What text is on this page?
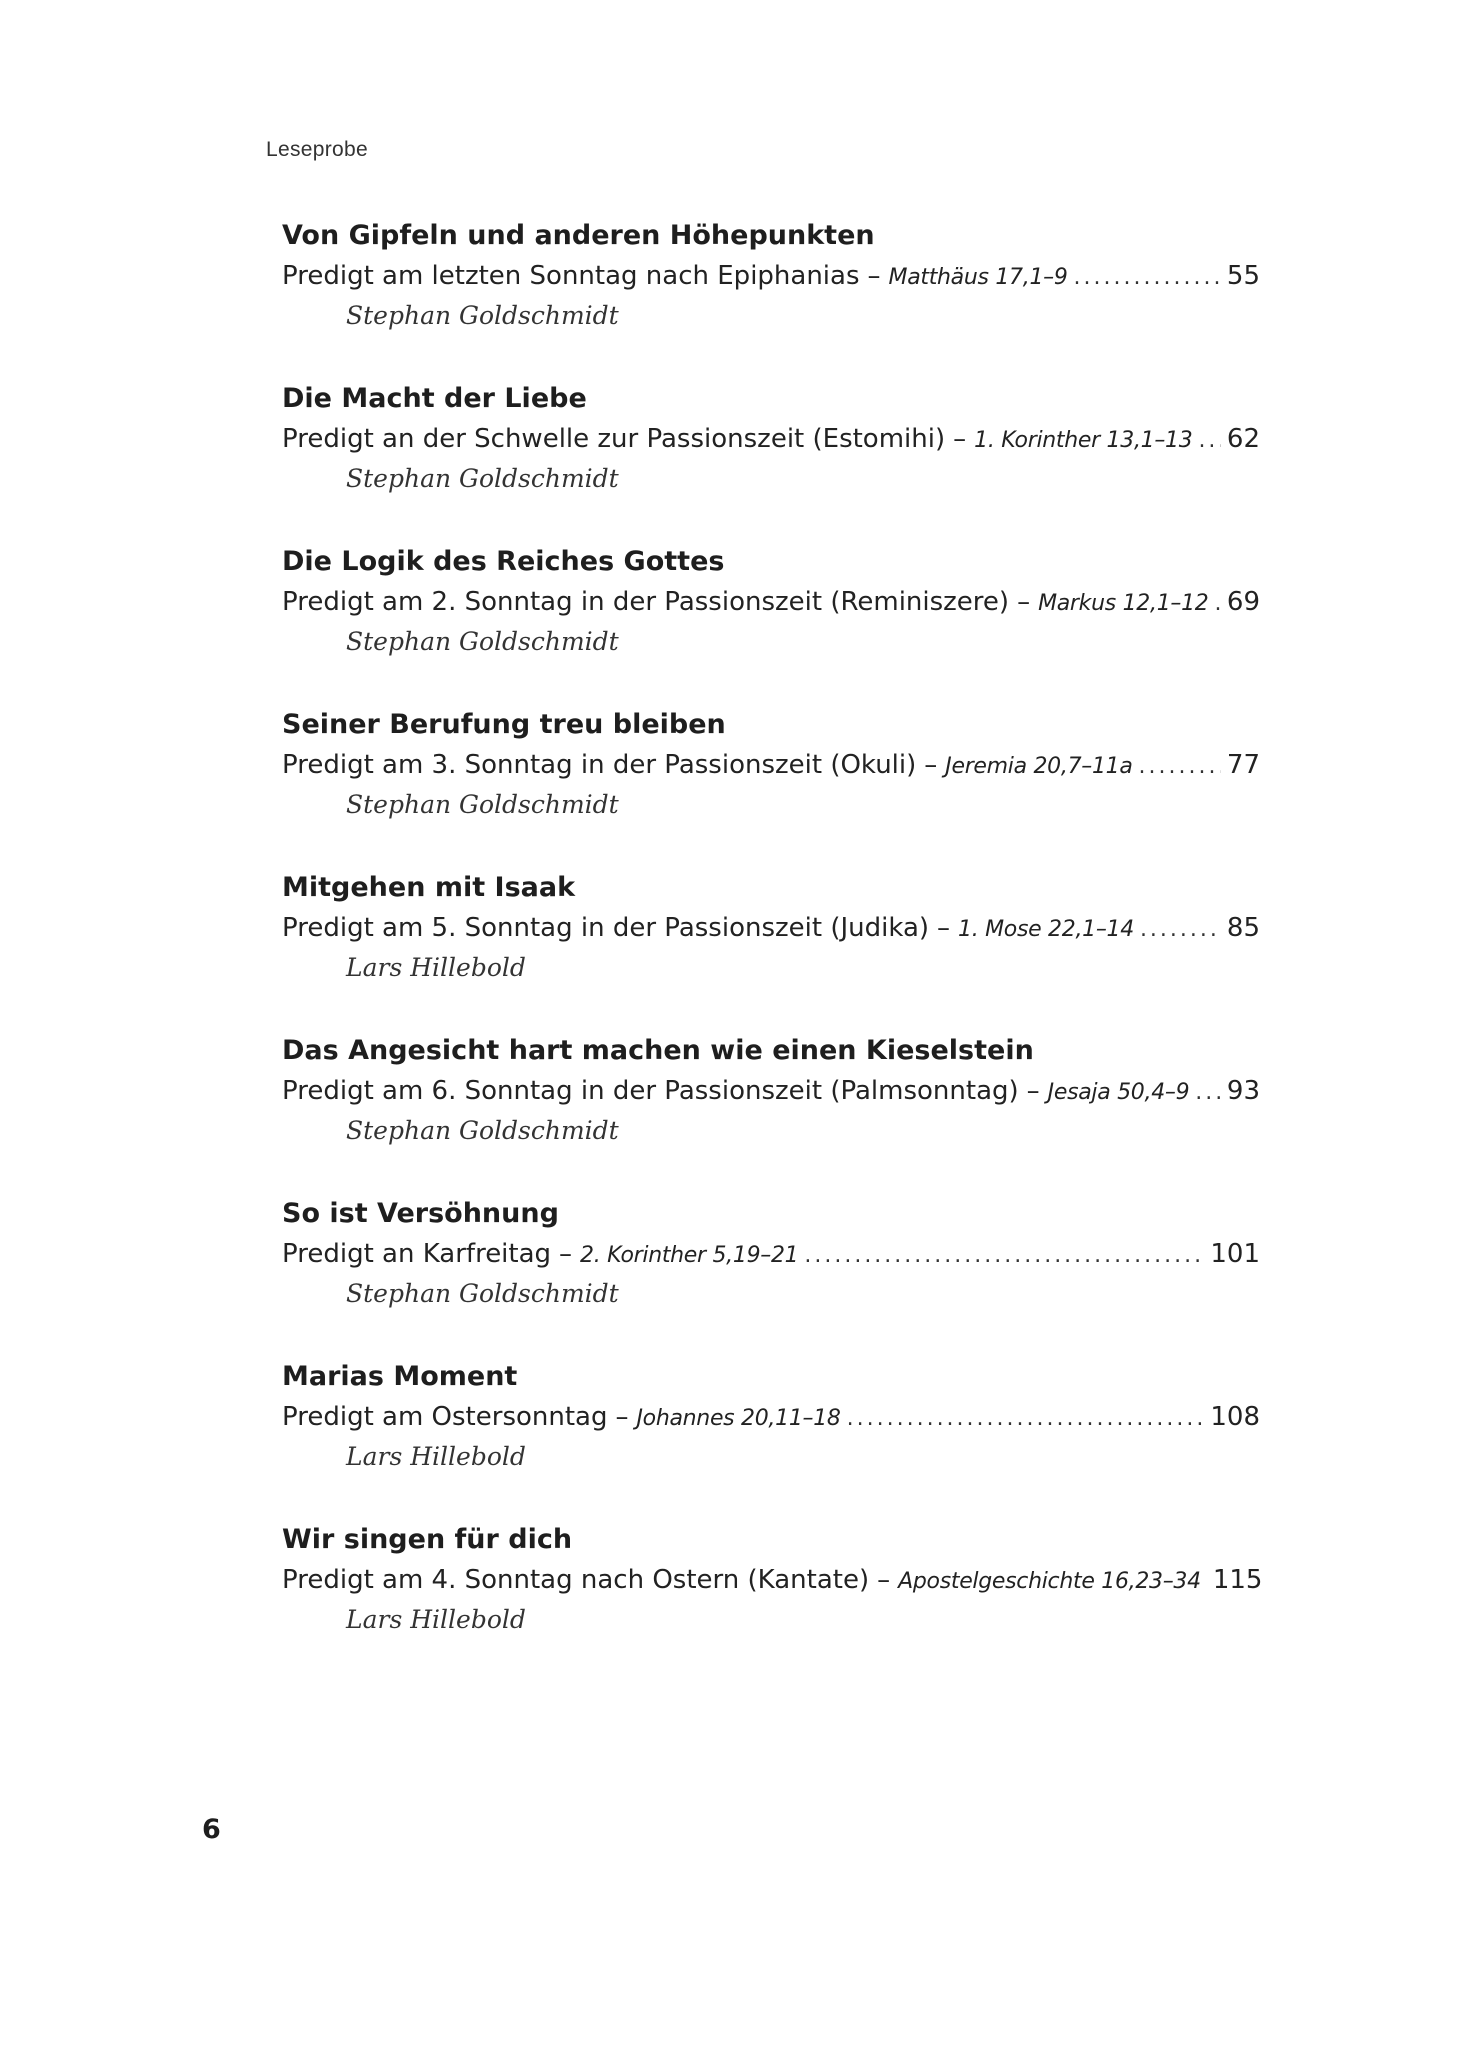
Leseprobe
Von Gipfeln und anderen Höhepunkten
Predigt am letzten Sonntag nach Epiphanias – Matthäus 17,1–9 .....	55
Stephan Goldschmidt
Die Macht der Liebe
Predigt an der Schwelle zur Passionszeit (Estomihi) – 1. Korinther 13,1–13 ..... 62
Stephan Goldschmidt
Die Logik des Reiches Gottes
Predigt am 2. Sonntag in der Passionszeit (Reminiszere) – Markus 12,1–12 ..... 69
Stephan Goldschmidt
Seiner Berufung treu bleiben
Predigt am 3. Sonntag in der Passionszeit (Okuli) – Jeremia 20,7–11a .....	77
Stephan Goldschmidt
Mitgehen mit Isaak
Predigt am 5. Sonntag in der Passionszeit (Judika) – 1. Mose 22,1–14 .....	85
Lars Hillebold
Das Angesicht hart machen wie einen Kieselstein
Predigt am 6. Sonntag in der Passionszeit (Palmsonntag) – Jesaja 50,4–9 ..... 93
Stephan Goldschmidt
So ist Versöhnung
Predigt an Karfreitag – 2. Korinther 5,19–21 .....	101
Stephan Goldschmidt
Marias Moment
Predigt am Ostersonntag – Johannes 20,11–18 .....	108
Lars Hillebold
Wir singen für dich
Predigt am 4. Sonntag nach Ostern (Kantate) – Apostelgeschichte 16,23–34 115
Lars Hillebold
6
